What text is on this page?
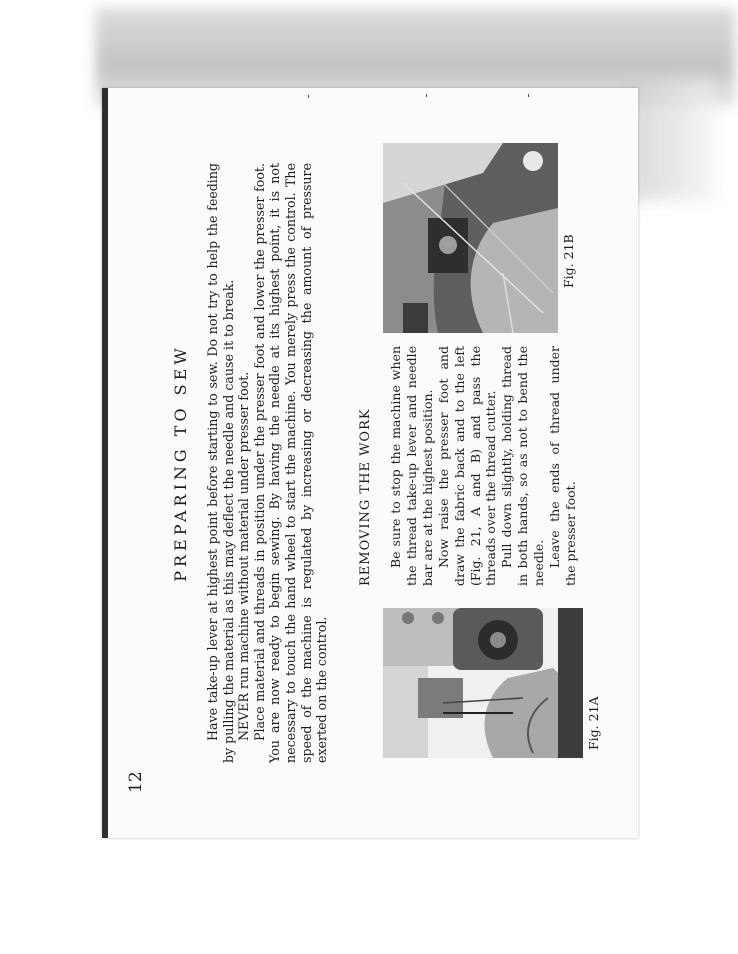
12
PREPARING TO SEW Have take-up lever at highest point before starting to sew. Do not try to help the feeding by pulling the material as this may deflect the needle and cause it to break. NEVER run machine without material under presser foot. Place material and threads in position under the presser foot and lower the presser foot. You are now ready to begin sewing. By having the needle at its highest point, it is not necessary to touch the hand wheel to start the machine. You merely press the control. The speed of the machine is regulated by increasing or decreasing the amount of pressure exerted on the control.	Fig. 21A
REMOVING THE WORK Be sure to stop the machine when the thread take-up lever and needle bar are at the highest position. Now raise the presser foot and draw the fabric back and to the left (Fig. 21, A and B) and pass the threads over the thread cutter. Pull down slightly, holding thread in both hands, so as not to bend the needle. Leave the ends of thread under the presser foot.

Fig. 21B
